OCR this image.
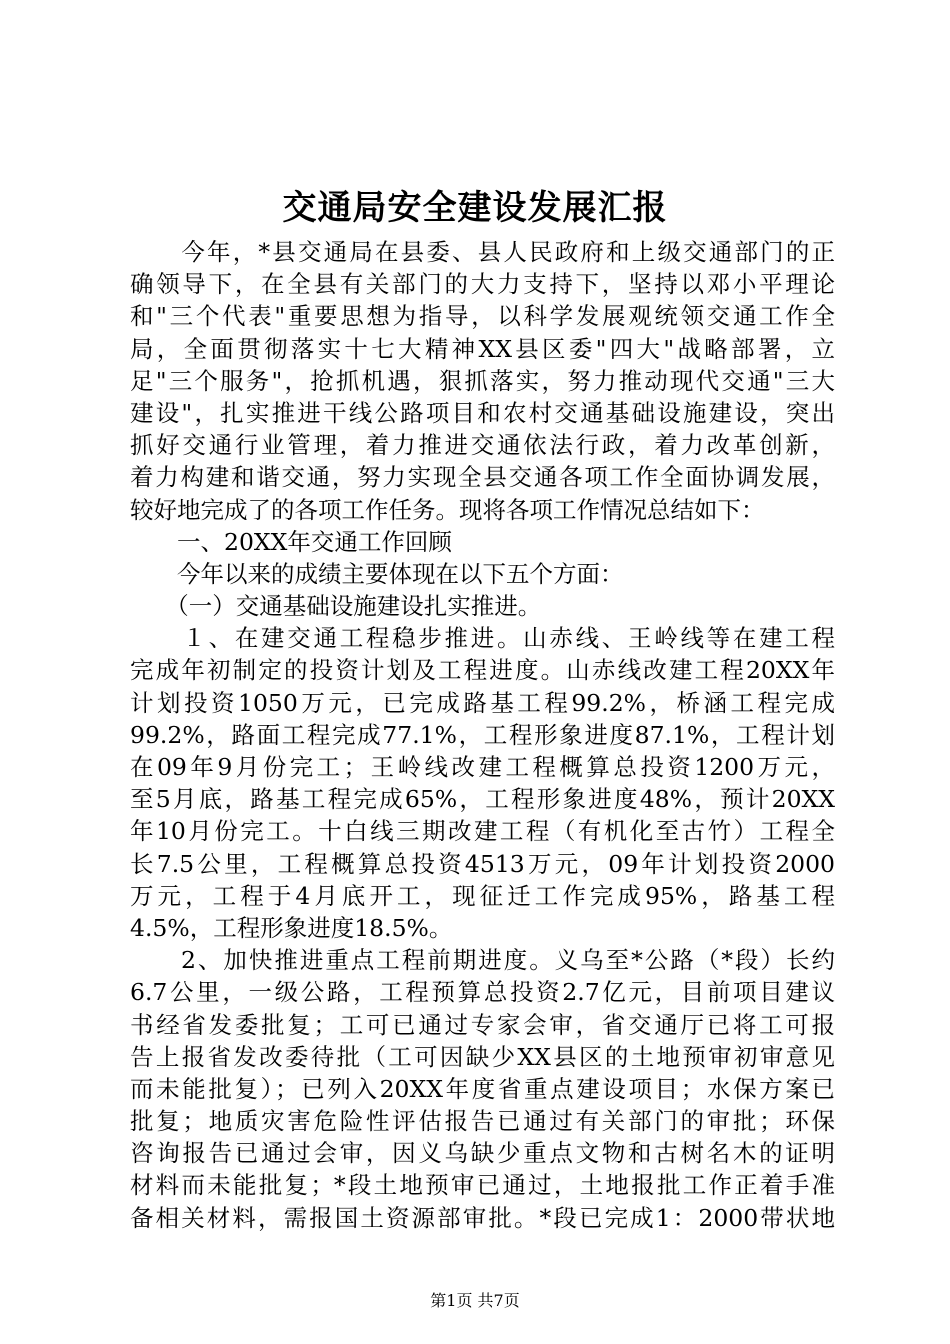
交通局安全建设发展汇报
　　今年，*县交通局在县委、县人民政府和上级交通部门的正
确领导下，在全县有关部门的大力支持下，坚持以邓小平理论
和"三个代表"重要思想为指导，以科学发展观统领交通工作全
局，全面贯彻落实十七大精神XX县区委"四大"战略部署，立
足"三个服务"，抢抓机遇，狠抓落实，努力推动现代交通"三大
建设"，扎实推进干线公路项目和农村交通基础设施建设，突出
抓好交通行业管理，着力推进交通依法行政，着力改革创新，
着力构建和谐交通，努力实现全县交通各项工作全面协调发展，
较好地完成了的各项工作任务。现将各项工作情况总结如下：
　　一、20XX年交通工作回顾
　　今年以来的成绩主要体现在以下五个方面：
　　（一）交通基础设施建设扎实推进。
　　１、在建交通工程稳步推进。山赤线、王岭线等在建工程
完成年初制定的投资计划及工程进度。山赤线改建工程20XX年
计划投资1050万元，已完成路基工程99.2%，桥涵工程完成
99.2%，路面工程完成77.1%，工程形象进度87.1%，工程计划
在09年9月份完工；王岭线改建工程概算总投资1200万元，
至5月底，路基工程完成65%，工程形象进度48%，预计20XX
年10月份完工。十白线三期改建工程（有机化至古竹）工程全
长7.5公里，工程概算总投资4513万元，09年计划投资2000
万元，工程于4月底开工，现征迁工作完成95%，路基工程
4.5%，工程形象进度18.5%。
　　2、加快推进重点工程前期进度。义乌至*公路（*段）长约
6.7公里，一级公路，工程预算总投资2.7亿元，目前项目建议
书经省发委批复；工可已通过专家会审，省交通厅已将工可报
告上报省发改委待批（工可因缺少XX县区的土地预审初审意见
而未能批复）；已列入20XX年度省重点建设项目；水保方案已
批复；地质灾害危险性评估报告已通过有关部门的审批；环保
咨询报告已通过会审，因义乌缺少重点文物和古树名木的证明
材料而未能批复；*段土地预审已通过，土地报批工作正着手准
备相关材料，需报国土资源部审批。*段已完成1：2000带状地
第1页 共7页
